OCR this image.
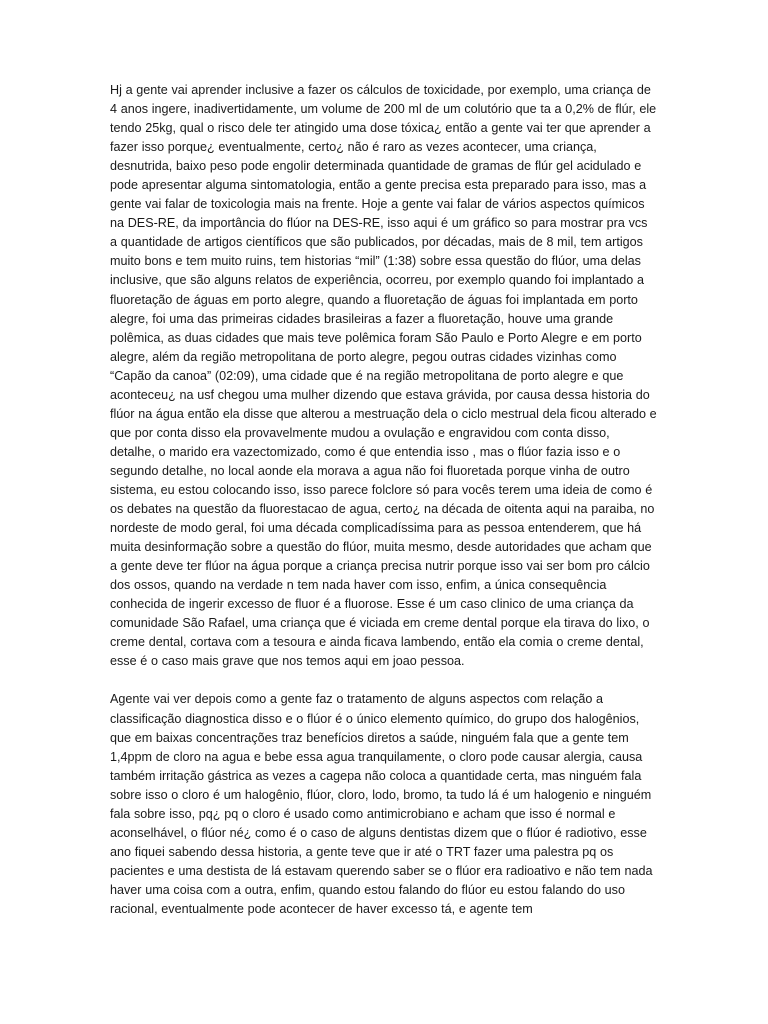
Hj a gente vai aprender inclusive a fazer os cálculos de toxicidade, por exemplo, uma criança de 4 anos ingere, inadivertidamente, um volume de 200 ml de um colutório que ta a 0,2% de flúr, ele tendo 25kg, qual o risco dele ter atingido uma dose tóxica¿ então a gente vai ter que aprender a fazer isso porque¿ eventualmente, certo¿ não é raro as vezes acontecer, uma criança, desnutrida, baixo peso pode engolir determinada quantidade de gramas de flúr gel acidulado e pode apresentar alguma sintomatologia, então a gente precisa esta preparado para isso, mas a gente vai falar de toxicologia mais na frente. Hoje a gente vai falar de vários aspectos químicos na DES-RE, da importância do flúor na DES-RE, isso aqui é um gráfico so para mostrar pra vcs a quantidade de artigos científicos que são publicados, por décadas, mais de 8 mil, tem artigos muito bons e tem muito ruins, tem historias “mil” (1:38) sobre essa questão do flúor, uma delas inclusive, que são alguns relatos de experiência, ocorreu, por exemplo quando foi implantado a fluoretação de águas em porto alegre, quando a fluoretação de águas foi implantada em porto alegre, foi uma das primeiras cidades brasileiras a fazer a fluoretação, houve uma grande polêmica, as duas cidades que mais teve polêmica foram São Paulo e Porto Alegre e em porto alegre, além da região metropolitana de porto alegre, pegou outras cidades vizinhas como “Capão da canoa” (02:09), uma cidade que é na região metropolitana de porto alegre e que aconteceu¿ na usf chegou uma mulher dizendo que estava grávida, por causa dessa historia do flúor na água então ela disse que alterou a mestruação dela o ciclo mestrual dela ficou alterado e que por conta disso ela provavelmente mudou a ovulação e engravidou com conta disso, detalhe, o marido era vazectomizado, como é que entendia isso , mas o flúor fazia isso e o segundo detalhe, no local aonde ela morava a agua não foi fluoretada porque vinha de outro sistema, eu estou colocando isso, isso parece folclore só para vocês terem uma ideia de como é os debates na questão da fluorestacao de agua, certo¿ na década de oitenta aqui na paraiba, no nordeste de modo geral, foi uma década complicadíssima para as pessoa entenderem, que há muita desinformação sobre a questão do flúor, muita mesmo, desde autoridades que acham que a gente deve ter flúor na água porque a criança precisa nutrir porque isso vai ser bom pro cálcio dos ossos, quando na verdade n tem nada haver com isso, enfim, a única consequência conhecida de ingerir excesso de fluor é a fluorose. Esse é um caso clinico de uma criança da comunidade São Rafael, uma criança que é viciada em creme dental porque ela tirava do lixo, o creme dental, cortava com a tesoura e ainda ficava lambendo, então ela comia o creme dental, esse é o caso mais grave que nos temos aqui em joao pessoa.

Agente vai ver depois como a gente faz o tratamento de alguns aspectos com relação a classificação diagnostica disso e o flúor é o único elemento químico, do grupo dos halogênios, que em baixas concentrações traz benefícios diretos a saúde, ninguém fala que a gente tem 1,4ppm de cloro na agua e bebe essa agua tranquilamente, o cloro pode causar alergia, causa também irritação gástrica as vezes a cagepa não coloca a quantidade certa, mas ninguém fala sobre isso o cloro é um halogênio, flúor, cloro, lodo, bromo, ta tudo lá é um halogenio e ninguém fala sobre isso, pq¿ pq o cloro é usado como antimicrobiano e acham que isso é normal e aconselhável, o flúor né¿ como é o caso de alguns dentistas dizem que o flúor é radiotivo, esse ano fiquei sabendo dessa historia, a gente teve que ir até o TRT fazer uma palestra pq os pacientes e uma destista de lá estavam querendo saber se o flúor era radioativo e não tem nada haver uma coisa com a outra, enfim, quando estou falando do flúor eu estou falando do uso racional, eventualmente pode acontecer de haver excesso tá, e agente tem
